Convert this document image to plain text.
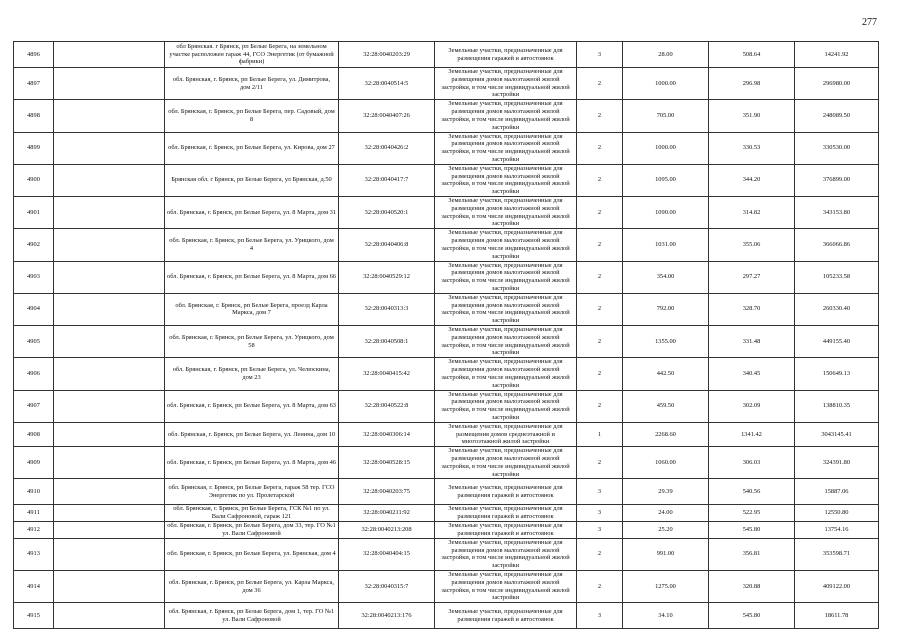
277
4896		обл Брянская. г Брянск, рп Белые Берега, на земельном участке расположен гараж 44, ГСО Энергетик (от бумажной фабрики)	32:28:0040203:29	Земельные участки, предназначенные для размещения гаражей и автостоянок	3	28.00	508.64	14241.92
4897		обл. Брянская, г. Брянск, рп Белые Берега, ул. Димитрова, дом 2/11	32:28:0040514:5	Земельные участки, предназначенные для размещения домов малоэтажной жилой застройки, в том числе индивидуальной жилой застройки	2	1000.00	296.98	296980.00
4898		обл. Брянская, г. Брянск, рп Белые Берега, пер. Садовый, дом 8	32:28:0040407:26	Земельные участки, предназначенные для размещения домов малоэтажной жилой застройки, в том числе индивидуальной жилой застройки	2	705.00	351.90	248089.50
4899		обл. Брянская, г. Брянск, рп Белые Берега, ул. Кирова, дом 27	32:28:0040426:2	Земельные участки, предназначенные для размещения домов малоэтажной жилой застройки, в том числе индивидуальной жилой застройки	2	1000.00	330.53	330530.00
4900		Брянская обл. г Брянск, рп Белые Берега, ул Брянская, д.50	32:28:0040417:7	Земельные участки, предназначенные для размещения домов малоэтажной жилой застройки, в том числе индивидуальной жилой застройки	2	1095.00	344.20	376899.00
4901		обл. Брянская, г. Брянск, рп Белые Берега, ул. 8 Марта, дом 31	32:28:0040520:1	Земельные участки, предназначенные для размещения домов малоэтажной жилой застройки, в том числе индивидуальной жилой застройки	2	1090.00	314.82	343153.80
4902		обл. Брянская, г. Брянск, рп Белые Берега, ул. Урицкого, дом 4	32:28:0040406:8	Земельные участки, предназначенные для размещения домов малоэтажной жилой застройки, в том числе индивидуальной жилой застройки	2	1031.00	355.06	366066.86
4903		обл. Брянская, г. Брянск, рп Белые Берега, ул. 8 Марта, дом 66	32:28:0040529:12	Земельные участки, предназначенные для размещения домов малоэтажной жилой застройки, в том числе индивидуальной жилой застройки	2	354.00	297.27	105233.58
4904		обл. Брянская, г. Брянск, рп Белые Берега, проезд Карла Маркса, дом 7	32:28:0040313:3	Земельные участки, предназначенные для размещения домов малоэтажной жилой застройки, в том числе индивидуальной жилой застройки	2	792.00	328.70	260330.40
4905		обл. Брянская, г. Брянск, рп Белые Берега, ул. Урицкого, дом 58	32:28:0040508:1	Земельные участки, предназначенные для размещения домов малоэтажной жилой застройки, в том числе индивидуальной жилой застройки	2	1355.00	331.48	449155.40
4906		обл. Брянская, г. Брянск, рп Белые Берега, ул. Челюскина, дом 23	32:28:0040415:42	Земельные участки, предназначенные для размещения домов малоэтажной жилой застройки, в том числе индивидуальной жилой застройки	2	442.50	340.45	150649.13
4907		обл. Брянская, г. Брянск, рп Белые Берега, ул. 8 Марта, дом 63	32:28:0040522:8	Земельные участки, предназначенные для размещения домов малоэтажной жилой застройки, в том числе индивидуальной жилой застройки	2	459.50	302.09	138810.35
4908		обл. Брянская, г. Брянск, рп Белые Берега, ул. Ленина, дом 10	32:28:0040306:14	Земельные участки, предназначенные для размещения домов среднеэтажной и многоэтажной жилой застройки	1	2268.60	1341.42	3043145.41
4909		обл. Брянская, г. Брянск, рп Белые Берега, ул. 8 Марта, дом 46	32:28:0040528:15	Земельные участки, предназначенные для размещения домов малоэтажной жилой застройки, в том числе индивидуальной жилой застройки	2	1060.00	306.03	324391.80
4910		обл. Брянская, г. Брянск, рп Белые Берега, гараж 58 тер. ГСО Энергетик по ул. Пролетарской	32:28:0040203:75	Земельные участки, предназначенные для размещения гаражей и автостоянок	3	29.39	540.56	15887.06
4911		обл. Брянская, г. Брянск, рп Белые Берега, ГСК №1 по ул. Вали Сафроновой, гараж 121	32:28:0040211:92	Земельные участки, предназначенные для размещения гаражей и автостоянок	3	24.00	522.95	12550.80
4912		обл. Брянская, г. Брянск, рп Белые Берега, дом 33, тер. ГО №1 ул. Вали Сафроновой	32:28:0040213:208	Земельные участки, предназначенные для размещения гаражей и автостоянок	3	25.20	545.80	13754.16
4913		обл. Брянская, г. Брянск, рп Белые Берега, ул. Брянская, дом 4	32:28:0040404:15	Земельные участки, предназначенные для размещения домов малоэтажной жилой застройки, в том числе индивидуальной жилой застройки	2	991.00	356.81	353598.71
4914		обл. Брянская, г. Брянск, рп Белые Берега, ул. Карла Маркса, дом 36	32:28:0040315:7	Земельные участки, предназначенные для размещения домов малоэтажной жилой застройки, в том числе индивидуальной жилой застройки	2	1275.00	320.88	409122.00
4915		обл. Брянская, г. Брянск, рп Белые Берега, дом 1, тер. ГО №1 ул. Вали Сафроновой	32:28:0040213:176	Земельные участки, предназначенные для размещения гаражей и автостоянок	3	34.10	545.80	18611.78
